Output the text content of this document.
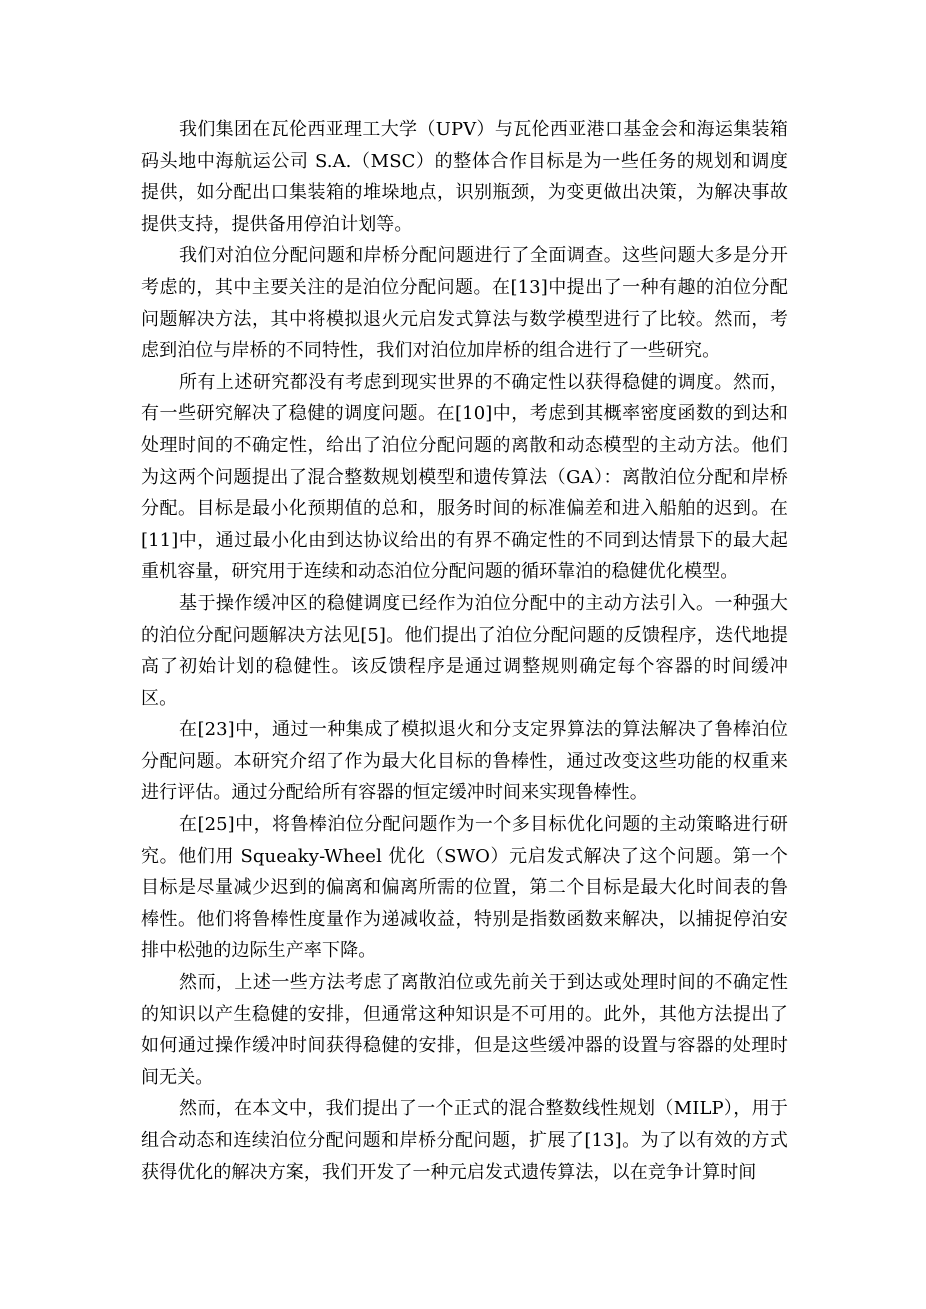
我们集团在瓦伦西亚理工大学（UPV）与瓦伦西亚港口基金会和海运集装箱码头地中海航运公司 S.A.（MSC）的整体合作目标是为一些任务的规划和调度提供，如分配出口集装箱的堆垛地点，识别瓶颈，为变更做出决策，为解决事故提供支持，提供备用停泊计划等。

我们对泊位分配问题和岸桥分配问题进行了全面调查。这些问题大多是分开考虑的，其中主要关注的是泊位分配问题。在[13]中提出了一种有趣的泊位分配问题解决方法，其中将模拟退火元启发式算法与数学模型进行了比较。然而，考虑到泊位与岸桥的不同特性，我们对泊位加岸桥的组合进行了一些研究。

所有上述研究都没有考虑到现实世界的不确定性以获得稳健的调度。然而，有一些研究解决了稳健的调度问题。在[10]中，考虑到其概率密度函数的到达和处理时间的不确定性，给出了泊位分配问题的离散和动态模型的主动方法。他们为这两个问题提出了混合整数规划模型和遗传算法（GA）：离散泊位分配和岸桥分配。目标是最小化预期值的总和，服务时间的标准偏差和进入船舶的迟到。在[11]中，通过最小化由到达协议给出的有界不确定性的不同到达情景下的最大起重机容量，研究用于连续和动态泊位分配问题的循环靠泊的稳健优化模型。

基于操作缓冲区的稳健调度已经作为泊位分配中的主动方法引入。一种强大的泊位分配问题解决方法见[5]。他们提出了泊位分配问题的反馈程序，迭代地提高了初始计划的稳健性。该反馈程序是通过调整规则确定每个容器的时间缓冲区。

在[23]中，通过一种集成了模拟退火和分支定界算法的算法解决了鲁棒泊位分配问题。本研究介绍了作为最大化目标的鲁棒性，通过改变这些功能的权重来进行评估。通过分配给所有容器的恒定缓冲时间来实现鲁棒性。

在[25]中，将鲁棒泊位分配问题作为一个多目标优化问题的主动策略进行研究。他们用 Squeaky-Wheel 优化（SWO）元启发式解决了这个问题。第一个目标是尽量减少迟到的偏离和偏离所需的位置，第二个目标是最大化时间表的鲁棒性。他们将鲁棒性度量作为递减收益，特别是指数函数来解决，以捕捉停泊安排中松弛的边际生产率下降。

然而，上述一些方法考虑了离散泊位或先前关于到达或处理时间的不确定性的知识以产生稳健的安排，但通常这种知识是不可用的。此外，其他方法提出了如何通过操作缓冲时间获得稳健的安排，但是这些缓冲器的设置与容器的处理时间无关。

然而，在本文中，我们提出了一个正式的混合整数线性规划（MILP），用于组合动态和连续泊位分配问题和岸桥分配问题，扩展了[13]。为了以有效的方式获得优化的解决方案，我们开发了一种元启发式遗传算法，以在竞争计算时间
